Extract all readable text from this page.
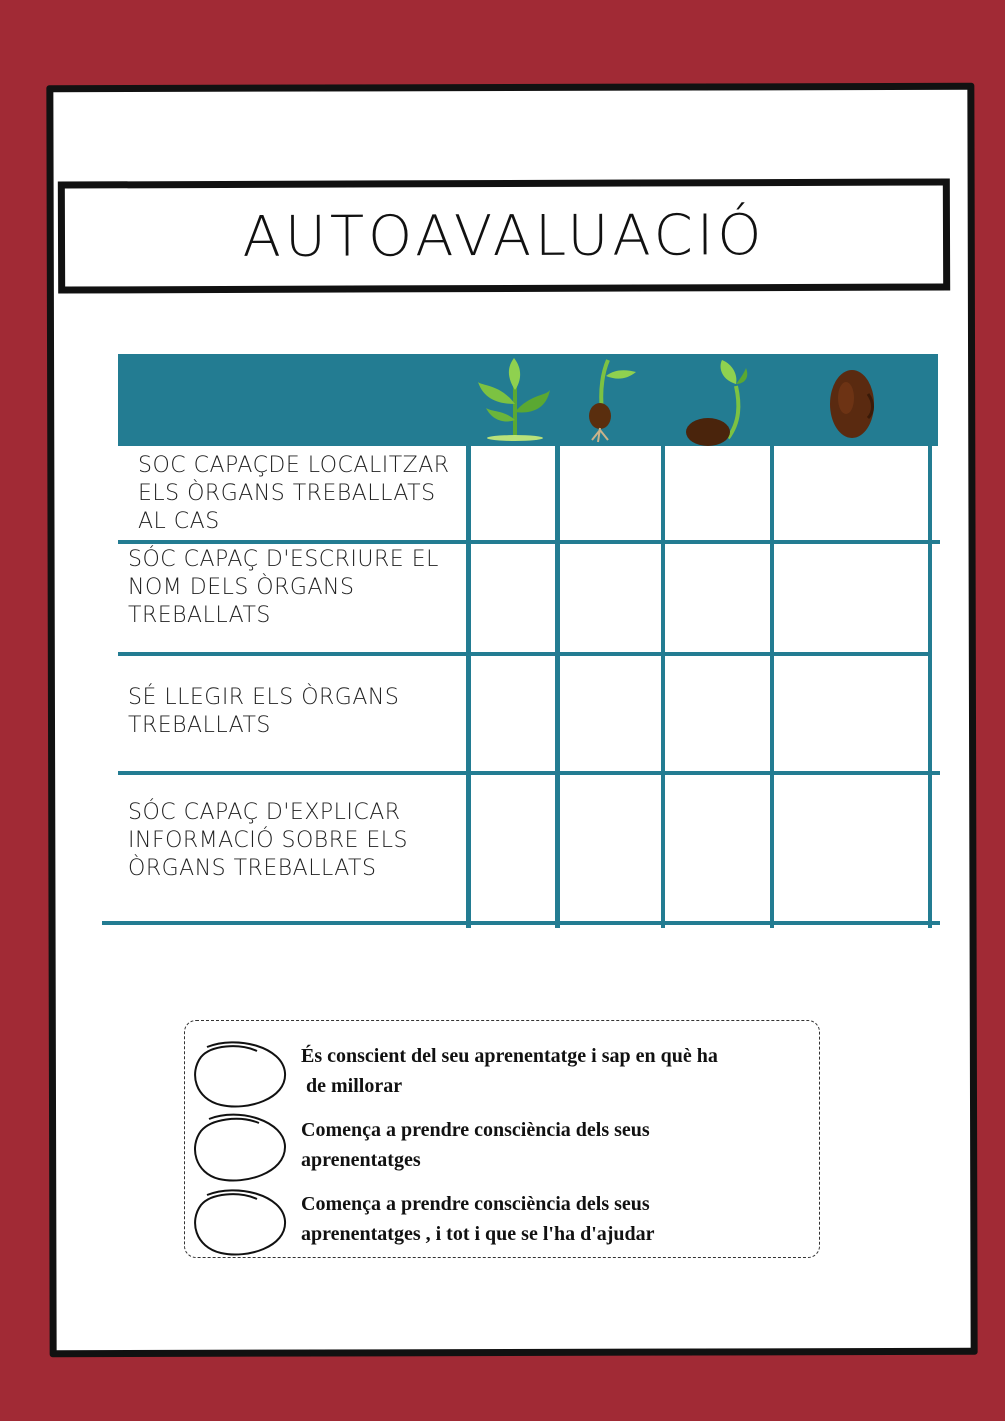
AUTOAVALUACIÓ
SOC CAPAÇDE LOCALITZAR
ELS ÒRGANS TREBALLATS
AL CAS
SÓC CAPAÇ D'ESCRIURE EL
NOM DELS ÒRGANS
TREBALLATS
SÉ LLEGIR ELS ÒRGANS
TREBALLATS
SÓC CAPAÇ D'EXPLICAR
INFORMACIÓ SOBRE ELS
ÒRGANS TREBALLATS
És conscient del seu aprenentatge i sap en què ha
de millorar
Comença a prendre consciència dels seus
aprenentatges
Comença a prendre consciència dels seus
aprenentatges , i tot i que se l'ha d'ajudar
